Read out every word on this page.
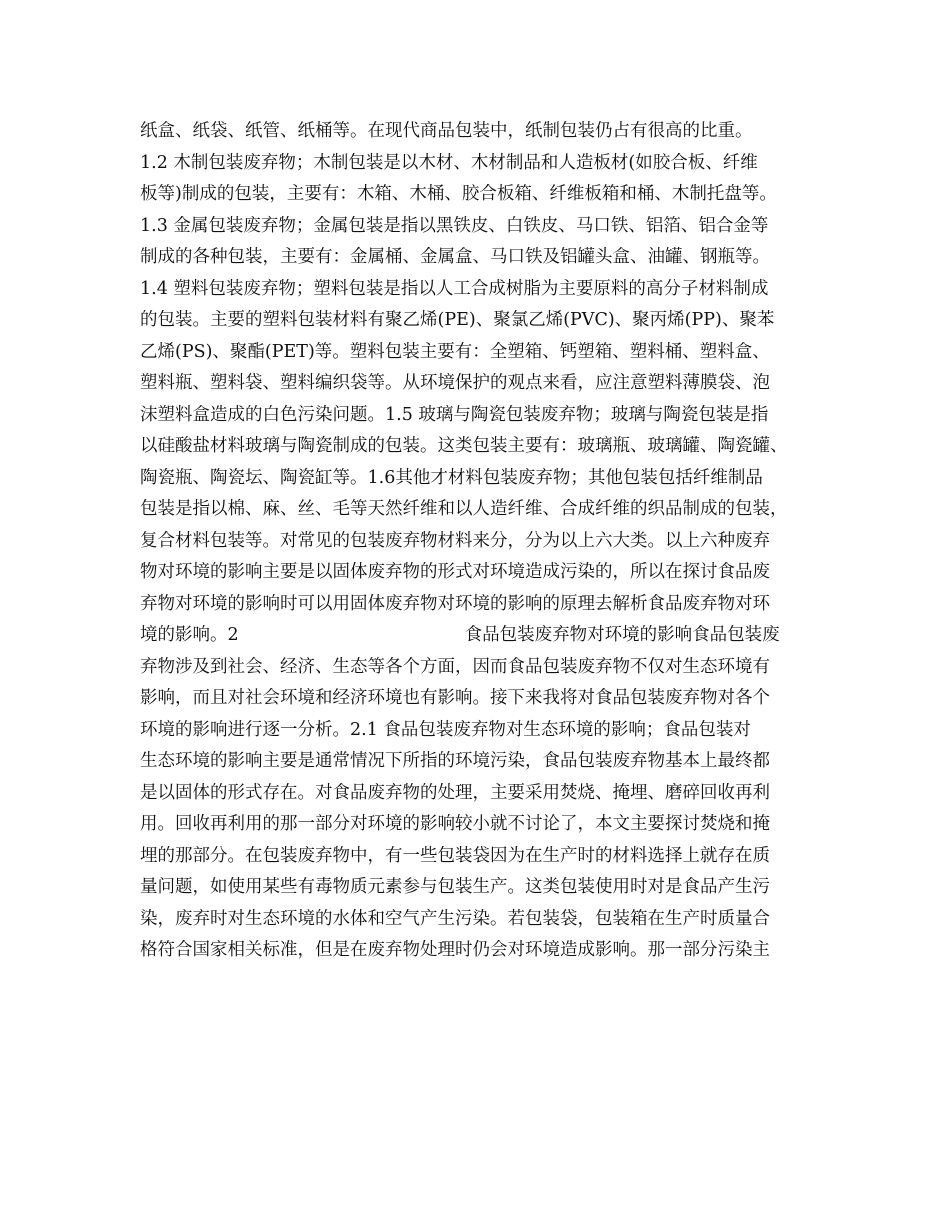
纸盒、纸袋、纸管、纸桶等。在现代商品包装中，纸制包装仍占有很高的比重。
1.2 木制包装废弃物；木制包装是以木材、木材制品和人造板材(如胶合板、纤维
板等)制成的包装，主要有：木箱、木桶、胶合板箱、纤维板箱和桶、木制托盘等。
1.3 金属包装废弃物；金属包装是指以黑铁皮、白铁皮、马口铁、铝箔、铝合金等
制成的各种包装，主要有：金属桶、金属盒、马口铁及铝罐头盒、油罐、钢瓶等。
1.4 塑料包装废弃物；塑料包装是指以人工合成树脂为主要原料的高分子材料制成
的包装。主要的塑料包装材料有聚乙烯(PE)、聚氯乙烯(PVC)、聚丙烯(PP)、聚苯
乙烯(PS)、聚酯(PET)等。塑料包装主要有：全塑箱、钙塑箱、塑料桶、塑料盒、
塑料瓶、塑料袋、塑料编织袋等。从环境保护的观点来看，应注意塑料薄膜袋、泡
沫塑料盒造成的白色污染问题。1.5 玻璃与陶瓷包装废弃物；玻璃与陶瓷包装是指
以硅酸盐材料玻璃与陶瓷制成的包装。这类包装主要有：玻璃瓶、玻璃罐、陶瓷罐、
陶瓷瓶、陶瓷坛、陶瓷缸等。1.6其他才材料包装废弃物；其他包装包括纤维制品
包装是指以棉、麻、丝、毛等天然纤维和以人造纤维、合成纤维的织品制成的包装，
复合材料包装等。对常见的包装废弃物材料来分，分为以上六大类。以上六种废弃
物对环境的影响主要是以固体废弃物的形式对环境造成污染的，所以在探讨食品废
弃物对环境的影响时可以用固体废弃物对环境的影响的原理去解析食品废弃物对环
境的影响。2	食品包装废弃物对环境的影响食品包装废
弃物涉及到社会、经济、生态等各个方面，因而食品包装废弃物不仅对生态环境有
影响，而且对社会环境和经济环境也有影响。接下来我将对食品包装废弃物对各个
环境的影响进行逐一分析。2.1 食品包装废弃物对生态环境的影响；食品包装对
生态环境的影响主要是通常情况下所指的环境污染，食品包装废弃物基本上最终都
是以固体的形式存在。对食品废弃物的处理，主要采用焚烧、掩埋、磨碎回收再利
用。回收再利用的那一部分对环境的影响较小就不讨论了，本文主要探讨焚烧和掩
埋的那部分。在包装废弃物中，有一些包装袋因为在生产时的材料选择上就存在质
量问题，如使用某些有毒物质元素参与包装生产。这类包装使用时对是食品产生污
染，废弃时对生态环境的水体和空气产生污染。若包装袋，包装箱在生产时质量合
格符合国家相关标准，但是在废弃物处理时仍会对环境造成影响。那一部分污染主
